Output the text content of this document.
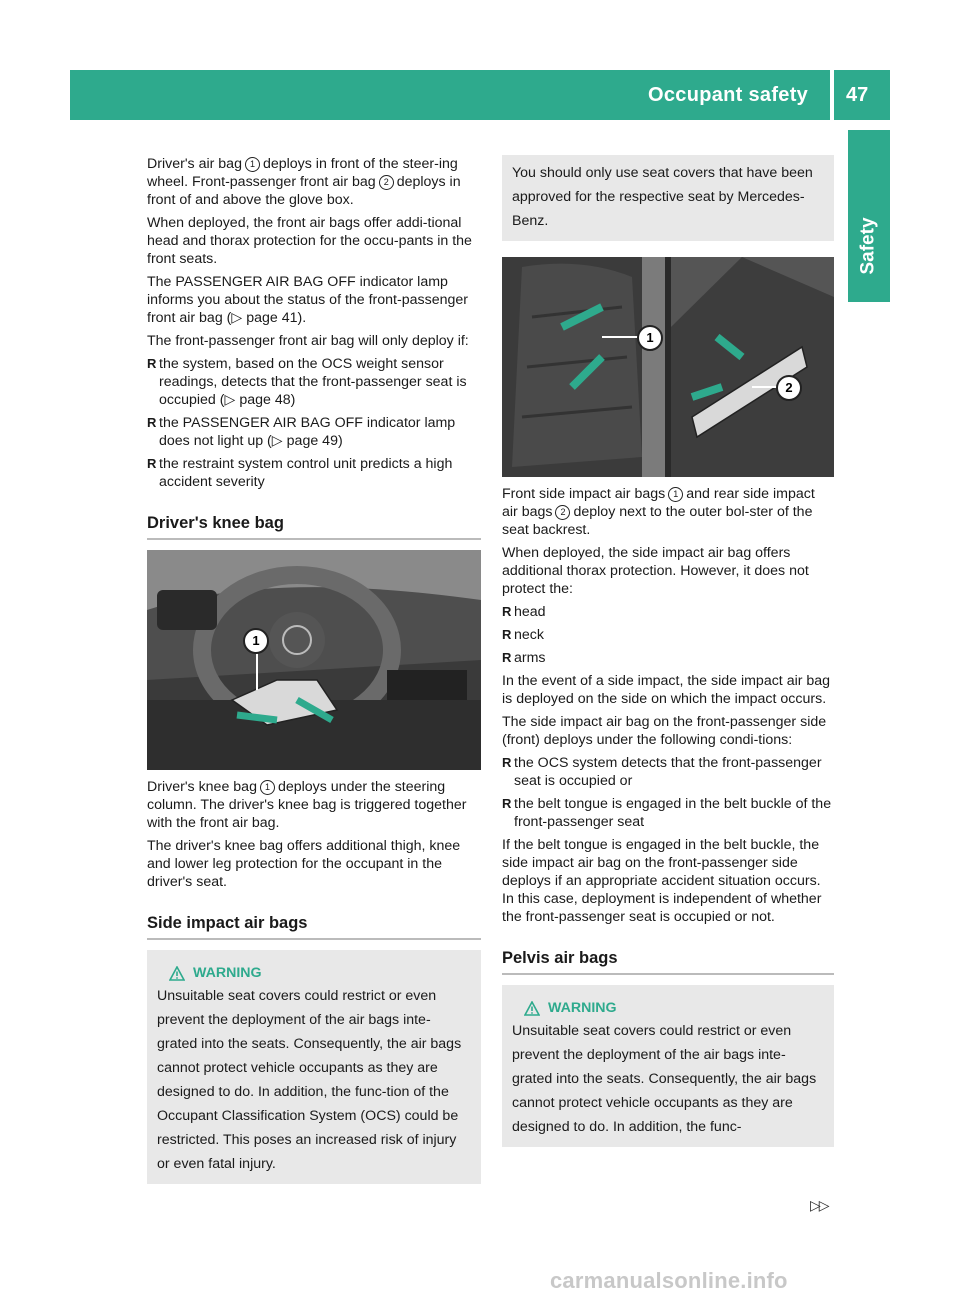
Occupant safety 47
Safety

Driver's air bag 1 deploys in front of the steer-ing wheel. Front-passenger front air bag 2 deploys in front of and above the glove box.

When deployed, the front air bags offer addi-tional head and thorax protection for the occu-pants in the front seats.

The PASSENGER AIR BAG OFF indicator lamp informs you about the status of the front-passenger front air bag (▷ page 41).

The front-passenger front air bag will only deploy if:

R the system, based on the OCS weight sensor readings, detects that the front-passenger seat is occupied (▷ page 48)
R the PASSENGER AIR BAG OFF indicator lamp does not light up (▷ page 49)
R the restraint system control unit predicts a high accident severity
Driver's knee bag
1

Driver's knee bag 1 deploys under the steering column. The driver's knee bag is triggered together with the front air bag.

The driver's knee bag offers additional thigh, knee and lower leg protection for the occupant in the driver's seat.

Side impact air bags
WARNING
Unsuitable seat covers could restrict or even prevent the deployment of the air bags inte-grated into the seats. Consequently, the air bags cannot protect vehicle occupants as they are designed to do. In addition, the func-tion of the Occupant Classification System (OCS) could be restricted. This poses an increased risk of injury or even fatal injury.
You should only use seat covers that have been approved for the respective seat by Mercedes-Benz.
1
2

Front side impact air bags 1 and rear side impact air bags 2 deploy next to the outer bol-ster of the seat backrest.

When deployed, the side impact air bag offers additional thorax protection. However, it does not protect the:

R head
R neck
R arms

In the event of a side impact, the side impact air bag is deployed on the side on which the impact occurs.

The side impact air bag on the front-passenger side (front) deploys under the following condi-tions:

R the OCS system detects that the front-passenger seat is occupied or
R the belt tongue is engaged in the belt buckle of the front-passenger seat

If the belt tongue is engaged in the belt buckle, the side impact air bag on the front-passenger side deploys if an appropriate accident situation occurs. In this case, deployment is independent of whether the front-passenger seat is occupied or not.

Pelvis air bags
WARNING
Unsuitable seat covers could restrict or even prevent the deployment of the air bags inte-grated into the seats. Consequently, the air bags cannot protect vehicle occupants as they are designed to do. In addition, the func-
▷▷
carmanualsonline.info
